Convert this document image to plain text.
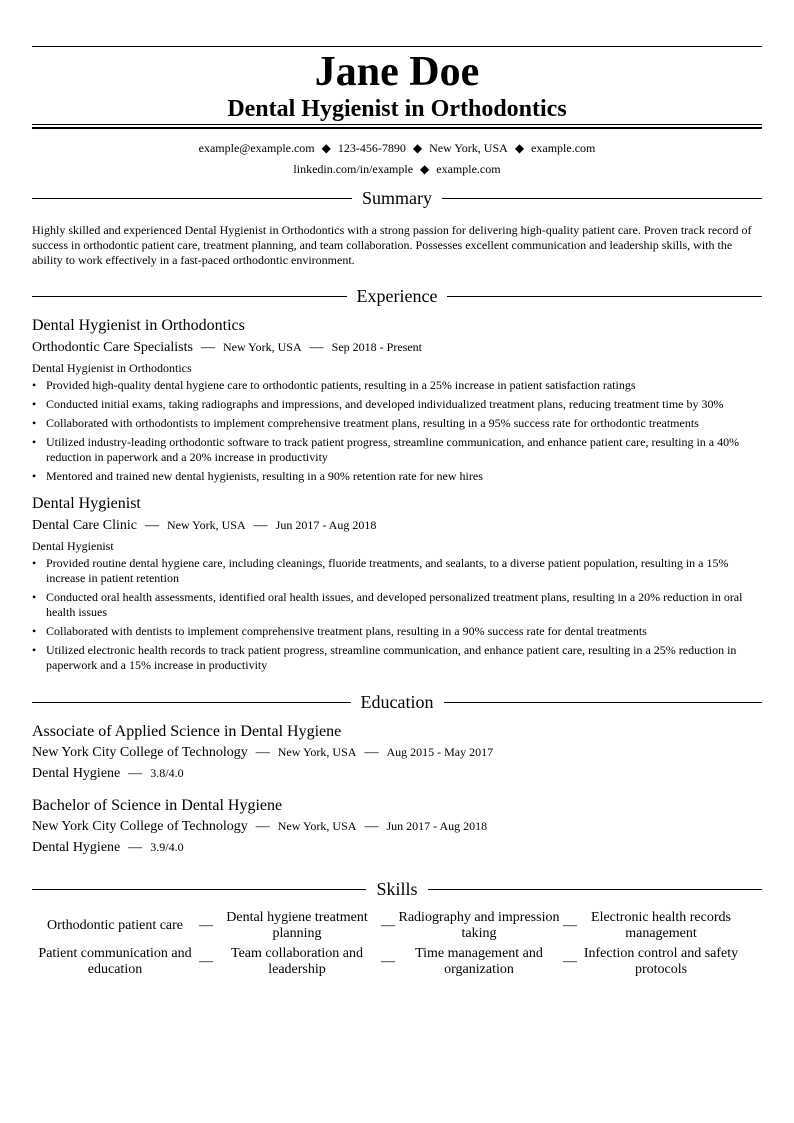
Jane Doe
Dental Hygienist in Orthodontics
example@example.com ◆ 123-456-7890 ◆ New York, USA ◆ example.com
linkedin.com/in/example ◆ example.com
Summary
Highly skilled and experienced Dental Hygienist in Orthodontics with a strong passion for delivering high-quality patient care. Proven track record of success in orthodontic patient care, treatment planning, and team collaboration. Possesses excellent communication and leadership skills, with the ability to work effectively in a fast-paced orthodontic environment.
Experience
Dental Hygienist in Orthodontics
Orthodontic Care Specialists — New York, USA — Sep 2018 - Present
Dental Hygienist in Orthodontics
• Provided high-quality dental hygiene care to orthodontic patients, resulting in a 25% increase in patient satisfaction ratings
• Conducted initial exams, taking radiographs and impressions, and developed individualized treatment plans, reducing treatment time by 30%
• Collaborated with orthodontists to implement comprehensive treatment plans, resulting in a 95% success rate for orthodontic treatments
• Utilized industry-leading orthodontic software to track patient progress, streamline communication, and enhance patient care, resulting in a 40% reduction in paperwork and a 20% increase in productivity
• Mentored and trained new dental hygienists, resulting in a 90% retention rate for new hires
Dental Hygienist
Dental Care Clinic — New York, USA — Jun 2017 - Aug 2018
Dental Hygienist
• Provided routine dental hygiene care, including cleanings, fluoride treatments, and sealants, to a diverse patient population, resulting in a 15% increase in patient retention
• Conducted oral health assessments, identified oral health issues, and developed personalized treatment plans, resulting in a 20% reduction in oral health issues
• Collaborated with dentists to implement comprehensive treatment plans, resulting in a 90% success rate for dental treatments
• Utilized electronic health records to track patient progress, streamline communication, and enhance patient care, resulting in a 25% reduction in paperwork and a 15% increase in productivity
Education
Associate of Applied Science in Dental Hygiene
New York City College of Technology — New York, USA — Aug 2015 - May 2017
Dental Hygiene — 3.8/4.0
Bachelor of Science in Dental Hygiene
New York City College of Technology — New York, USA — Jun 2017 - Aug 2018
Dental Hygiene — 3.9/4.0
Skills
Orthodontic patient care	—
Dental hygiene treatment planning
—
Radiography and impression taking
—
Electronic health records management
Patient communication and education
—
Team collaboration and leadership
—
Time management and organization
—
Infection control and safety protocols
